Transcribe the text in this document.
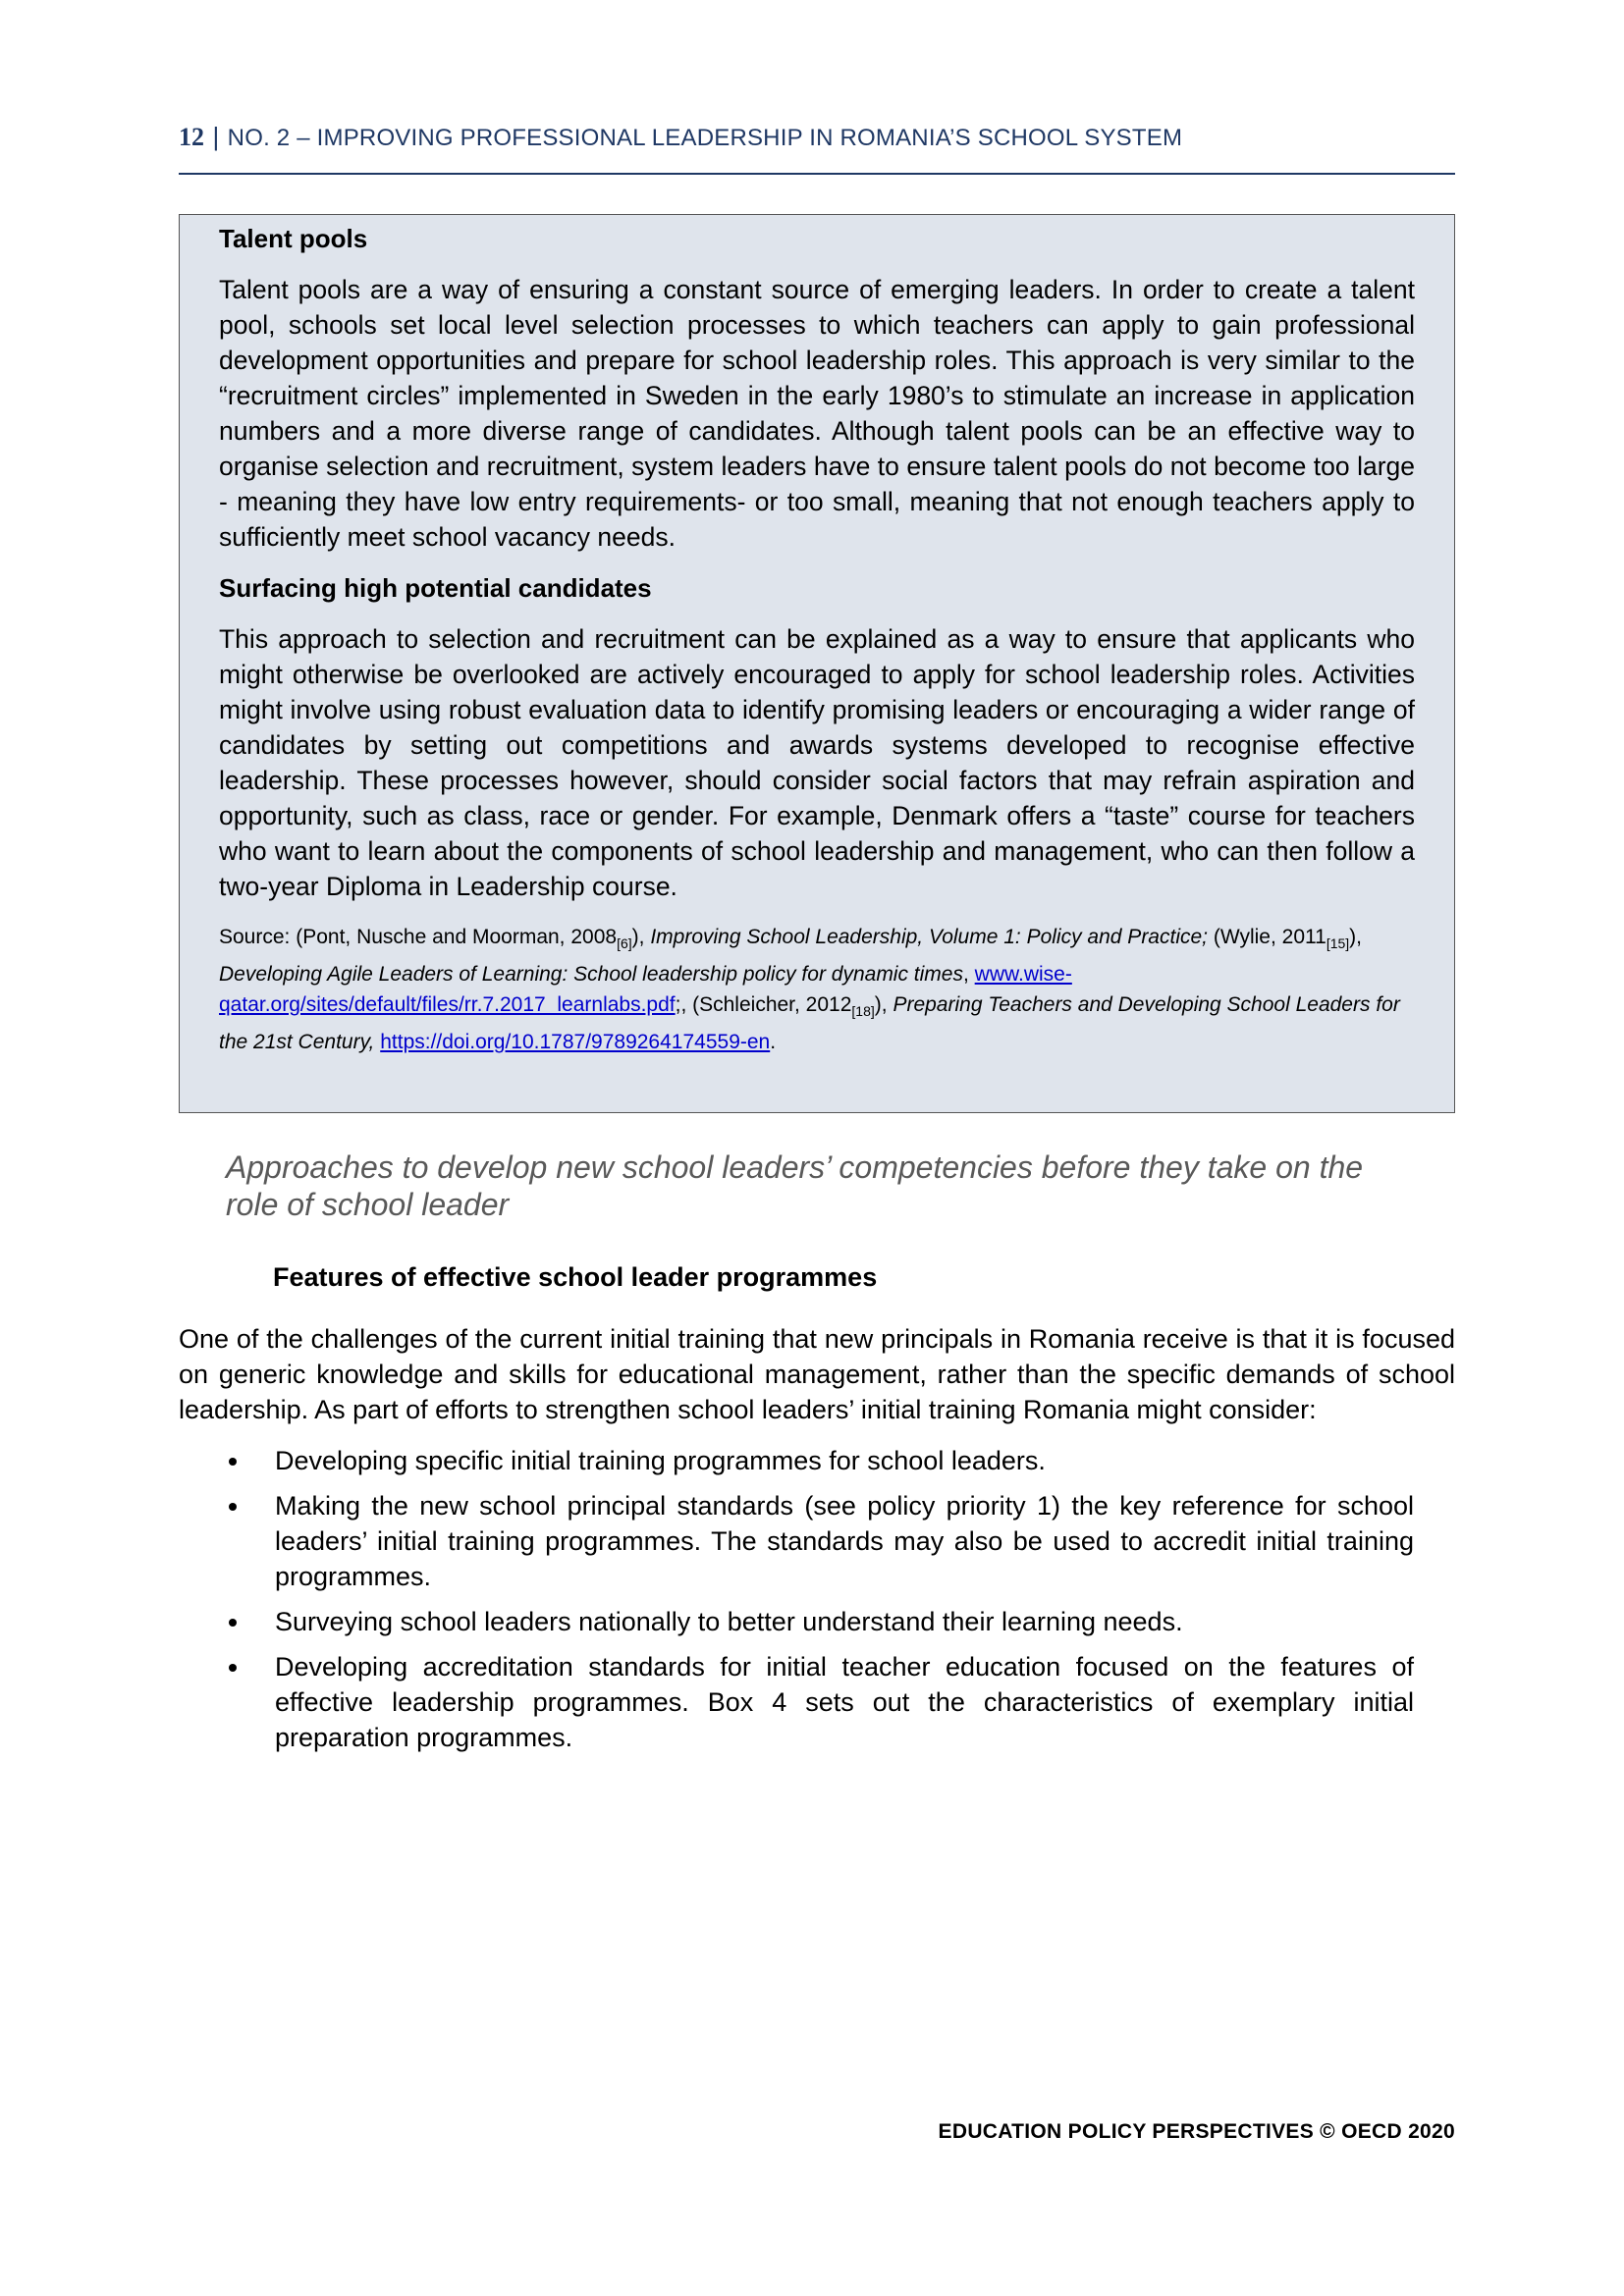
12 | NO. 2 – IMPROVING PROFESSIONAL LEADERSHIP IN ROMANIA’S SCHOOL SYSTEM
Talent pools

Talent pools are a way of ensuring a constant source of emerging leaders. In order to create a talent pool, schools set local level selection processes to which teachers can apply to gain professional development opportunities and prepare for school leadership roles. This approach is very similar to the “recruitment circles” implemented in Sweden in the early 1980’s to stimulate an increase in application numbers and a more diverse range of candidates. Although talent pools can be an effective way to organise selection and recruitment, system leaders have to ensure talent pools do not become too large - meaning they have low entry requirements- or too small, meaning that not enough teachers apply to sufficiently meet school vacancy needs.

Surfacing high potential candidates

This approach to selection and recruitment can be explained as a way to ensure that applicants who might otherwise be overlooked are actively encouraged to apply for school leadership roles. Activities might involve using robust evaluation data to identify promising leaders or encouraging a wider range of candidates by setting out competitions and awards systems developed to recognise effective leadership. These processes however, should consider social factors that may refrain aspiration and opportunity, such as class, race or gender. For example, Denmark offers a “taste” course for teachers who want to learn about the components of school leadership and management, who can then follow a two-year Diploma in Leadership course.

Source: (Pont, Nusche and Moorman, $2008_{[6]}$), Improving School Leadership, Volume 1: Policy and Practice; (Wylie, $2011_{[15]}$), Developing Agile Leaders of Learning: School leadership policy for dynamic times, www.wise-qatar.org/sites/default/files/rr.7.2017_learnlabs.pdf;, (Schleicher, $2012_{[18]}$), Preparing Teachers and Developing School Leaders for the 21st Century, https://doi.org/10.1787/9789264174559-en.

Approaches to develop new school leaders’ competencies before they take on the role of school leader
Features of effective school leader programmes

One of the challenges of the current initial training that new principals in Romania receive is that it is focused on generic knowledge and skills for educational management, rather than the specific demands of school leadership. As part of efforts to strengthen school leaders’ initial training Romania might consider:

Developing specific initial training programmes for school leaders.
Making the new school principal standards (see policy priority 1) the key reference for school leaders’ initial training programmes. The standards may also be used to accredit initial training programmes.
Surveying school leaders nationally to better understand their learning needs.
Developing accreditation standards for initial teacher education focused on the features of effective leadership programmes. Box 4 sets out the characteristics of exemplary initial preparation programmes.
EDUCATION POLICY PERSPECTIVES © OECD 2020
